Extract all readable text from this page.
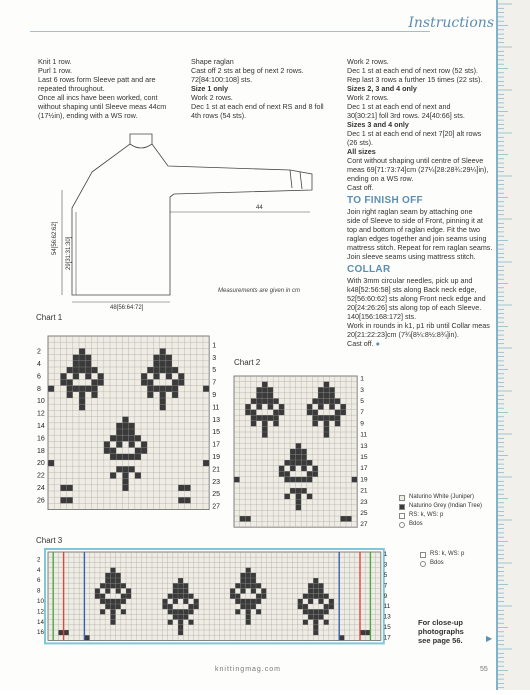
Instructions

Knit 1 row.

Purl 1 row.

Last 6 rows form Sleeve patt and are

repeated throughout.

Once all incs have been worked, cont

without shaping until Sleeve meas 44cm

(17½in), ending with a WS row.

Shape raglan

Cast off 2 sts at beg of next 2 rows.

72[84:100:108] sts.

Size 1 only

Work 2 rows.

Dec 1 st at each end of next RS and 8 foll

4th rows (54 sts).

Work 2 rows.

Dec 1 st at each end of next row (52 sts).

Rep last 3 rows a further 15 times (22 sts).

Sizes 2, 3 and 4 only

Work 2 rows.

Dec 1 st at each end of next and

30[30:21] foll 3rd rows. 24[40:66] sts.

Sizes 3 and 4 only

Dec 1 st at each end of next 7[20] alt rows

(26 sts).

All sizes

Cont without shaping until centre of Sleeve

meas 69[71:73:74]cm (27¼[28:28¾:29¼]in),

ending on a WS row.

Cast off.

TO FINISH OFF

Join right raglan seam by attaching one

side of Sleeve to side of Front, pinning it at

top and bottom of raglan edge. Fit the two

raglan edges together and join seams using

mattress stitch. Repeat for rem raglan seams.

Join sleeve seams using mattress stitch.

COLLAR

With 3mm circular needles, pick up and

k48[52:56:58] sts along Back neck edge,

52[56:60:62] sts along Front neck edge and

20[24:26:26] sts along top of each Sleeve.

140[156:168:172] sts.

Work in rounds in k1, p1 rib until Collar meas

20[21:22:23]cm (7¾[8¼:8½:8¾]in).

Cast off. ●

44
54[56:62:62] 29[31:31:30]
48[56:64:72]
Measurements are given in cm
Chart 1
27
25
23
21
19
17
15
13
11
9
7
5
3
1
26
24
22
20
18
16
14
12
10
8
6
4
2
Chart 2
27
25
23
21
19
17
15
13
11
9
7
5
3
1
Naturino White (Juniper)
Naturino Grey (Indian Tree)
RS: k, WS: p
Bdos
Chart 3
17
15
13
11
9
7
5
3
1
16
14
12
10
8
6
4
2
RS: k, WS: p
Bdos
For close-up
photographs
see page 56.	▶
knittingmag.com	55
